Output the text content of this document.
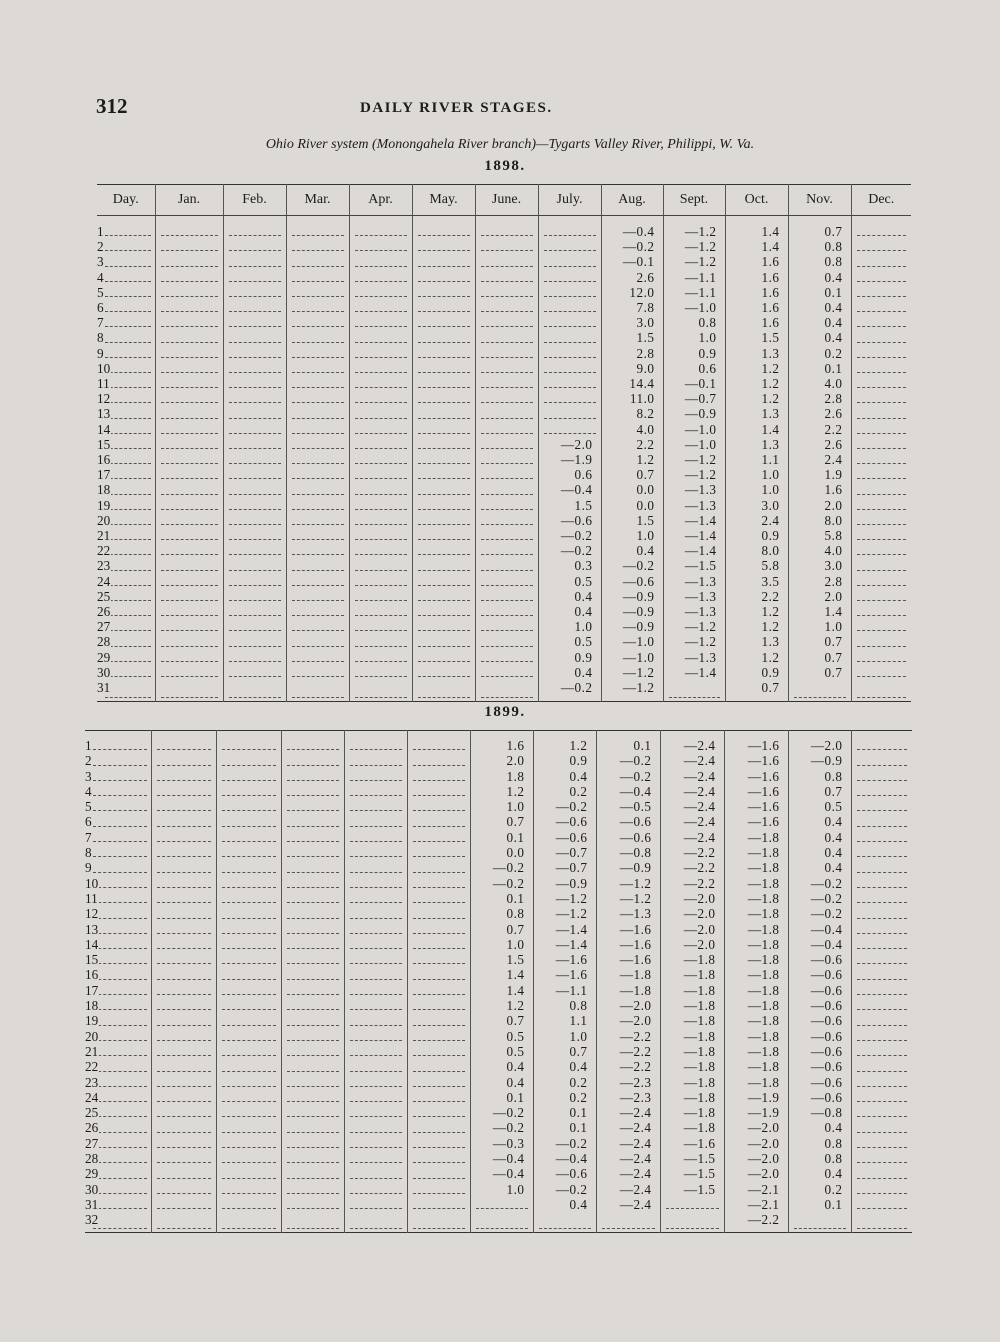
312	DAILY RIVER STAGES.
Ohio River system (Monongahela River branch)—Tygarts Valley River, Philippi, W. Va.
1898.
Day.	Jan.	Feb.	Mar.	Apr.	May.	June.	July.	Aug.	Sept.	Oct.	Nov.	Dec.
1								—0.4	—1.2	1.4	0.7	
2								—0.2	—1.2	1.4	0.8	
3								—0.1	—1.2	1.6	0.8	
4								2.6	—1.1	1.6	0.4	
5								12.0	—1.1	1.6	0.1	
6								7.8	—1.0	1.6	0.4	
7								3.0	0.8	1.6	0.4	
8								1.5	1.0	1.5	0.4	
9								2.8	0.9	1.3	0.2	
10								9.0	0.6	1.2	0.1	
11								14.4	—0.1	1.2	4.0	
12								11.0	—0.7	1.2	2.8	
13								8.2	—0.9	1.3	2.6	
14								4.0	—1.0	1.4	2.2	
15							—2.0	2.2	—1.0	1.3	2.6	
16							—1.9	1.2	—1.2	1.1	2.4	
17							0.6	0.7	—1.2	1.0	1.9	
18							—0.4	0.0	—1.3	1.0	1.6	
19							1.5	0.0	—1.3	3.0	2.0	
20							—0.6	1.5	—1.4	2.4	8.0	
21							—0.2	1.0	—1.4	0.9	5.8	
22							—0.2	0.4	—1.4	8.0	4.0	
23							0.3	—0.2	—1.5	5.8	3.0	
24							0.5	—0.6	—1.3	3.5	2.8	
25							0.4	—0.9	—1.3	2.2	2.0	
26							0.4	—0.9	—1.3	1.2	1.4	
27							1.0	—0.9	—1.2	1.2	1.0	
28							0.5	—1.0	—1.2	1.3	0.7	
29							0.9	—1.0	—1.3	1.2	0.7	
30							0.4	—1.2	—1.4	0.9	0.7	
31							—0.2	—1.2		0.7		
1899.
1						1.6	1.2	0.1	—2.4	—1.6	—2.0	
2						2.0	0.9	—0.2	—2.4	—1.6	—0.9	
3						1.8	0.4	—0.2	—2.4	—1.6	0.8	
4						1.2	0.2	—0.4	—2.4	—1.6	0.7	
5						1.0	—0.2	—0.5	—2.4	—1.6	0.5	
6						0.7	—0.6	—0.6	—2.4	—1.6	0.4	
7						0.1	—0.6	—0.6	—2.4	—1.8	0.4	
8						0.0	—0.7	—0.8	—2.2	—1.8	0.4	
9						—0.2	—0.7	—0.9	—2.2	—1.8	0.4	
10						—0.2	—0.9	—1.2	—2.2	—1.8	—0.2	
11						0.1	—1.2	—1.2	—2.0	—1.8	—0.2	
12						0.8	—1.2	—1.3	—2.0	—1.8	—0.2	
13						0.7	—1.4	—1.6	—2.0	—1.8	—0.4	
14						1.0	—1.4	—1.6	—2.0	—1.8	—0.4	
15						1.5	—1.6	—1.6	—1.8	—1.8	—0.6	
16						1.4	—1.6	—1.8	—1.8	—1.8	—0.6	
17						1.4	—1.1	—1.8	—1.8	—1.8	—0.6	
18						1.2	0.8	—2.0	—1.8	—1.8	—0.6	
19						0.7	1.1	—2.0	—1.8	—1.8	—0.6	
20						0.5	1.0	—2.2	—1.8	—1.8	—0.6	
21						0.5	0.7	—2.2	—1.8	—1.8	—0.6	
22						0.4	0.4	—2.2	—1.8	—1.8	—0.6	
23						0.4	0.2	—2.3	—1.8	—1.8	—0.6	
24						0.1	0.2	—2.3	—1.8	—1.9	—0.6	
25						—0.2	0.1	—2.4	—1.8	—1.9	—0.8	
26						—0.2	0.1	—2.4	—1.8	—2.0	0.4	
27						—0.3	—0.2	—2.4	—1.6	—2.0	0.8	
28						—0.4	—0.4	—2.4	—1.5	—2.0	0.8	
29						—0.4	—0.6	—2.4	—1.5	—2.0	0.4	
30						1.0	—0.2	—2.4	—1.5	—2.1	0.2	
31							0.4	—2.4		—2.1	0.1	
32										—2.2		
